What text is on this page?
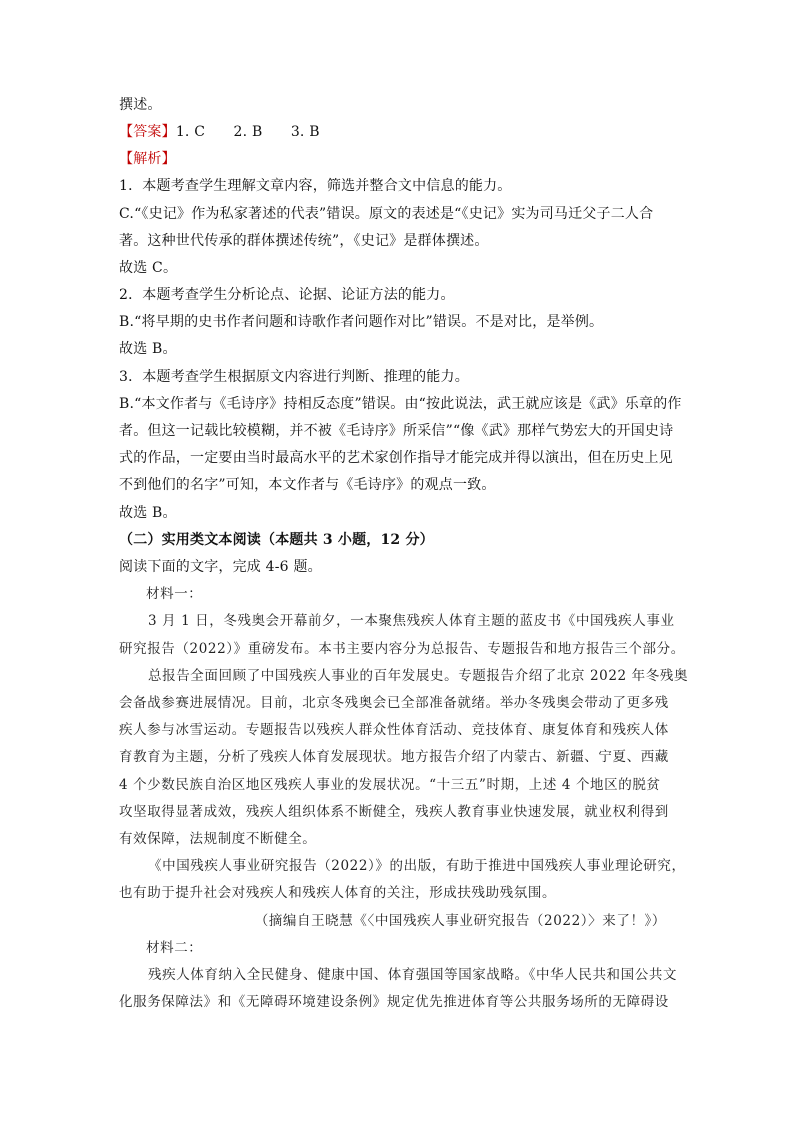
撰述。
【答案】1. C　　2. B　　3. B
【解析】
1．本题考查学生理解文章内容，筛选并整合文中信息的能力。
C.“《史记》作为私家著述的代表”错误。原文的表述是“《史记》实为司马迁父子二人合
著。这种世代传承的群体撰述传统”，《史记》是群体撰述。
故选 C。
2．本题考查学生分析论点、论据、论证方法的能力。
B.“将早期的史书作者问题和诗歌作者问题作对比”错误。不是对比，是举例。
故选 B。
3．本题考查学生根据原文内容进行判断、推理的能力。
B.“本文作者与《毛诗序》持相反态度”错误。由“按此说法，武王就应该是《武》乐章的作
者。但这一记载比较模糊，并不被《毛诗序》所采信”“像《武》那样气势宏大的开国史诗
式的作品，一定要由当时最高水平的艺术家创作指导才能完成并得以演出，但在历史上见
不到他们的名字”可知，本文作者与《毛诗序》的观点一致。
故选 B。
（二）实用类文本阅读（本题共 3 小题，12 分）
阅读下面的文字，完成 4-6 题。
材料一：
3 月 1 日，冬残奥会开幕前夕，一本聚焦残疾人体育主题的蓝皮书《中国残疾人事业
研究报告（2022）》重磅发布。本书主要内容分为总报告、专题报告和地方报告三个部分。
总报告全面回顾了中国残疾人事业的百年发展史。专题报告介绍了北京 2022 年冬残奥
会备战参赛进展情况。目前，北京冬残奥会已全部准备就绪。举办冬残奥会带动了更多残
疾人参与冰雪运动。专题报告以残疾人群众性体育活动、竞技体育、康复体育和残疾人体
育教育为主题，分析了残疾人体育发展现状。地方报告介绍了内蒙古、新疆、宁夏、西藏
4 个少数民族自治区地区残疾人事业的发展状况。“十三五”时期，上述 4 个地区的脱贫
攻坚取得显著成效，残疾人组织体系不断健全，残疾人教育事业快速发展，就业权利得到
有效保障，法规制度不断健全。
《中国残疾人事业研究报告（2022）》的出版，有助于推进中国残疾人事业理论研究，
也有助于提升社会对残疾人和残疾人体育的关注，形成扶残助残氛围。
（摘编自王晓慧《〈中国残疾人事业研究报告（2022）〉来了！》）
材料二：
残疾人体育纳入全民健身、健康中国、体育强国等国家战略。《中华人民共和国公共文
化服务保障法》和《无障碍环境建设条例》规定优先推进体育等公共服务场所的无障碍设
